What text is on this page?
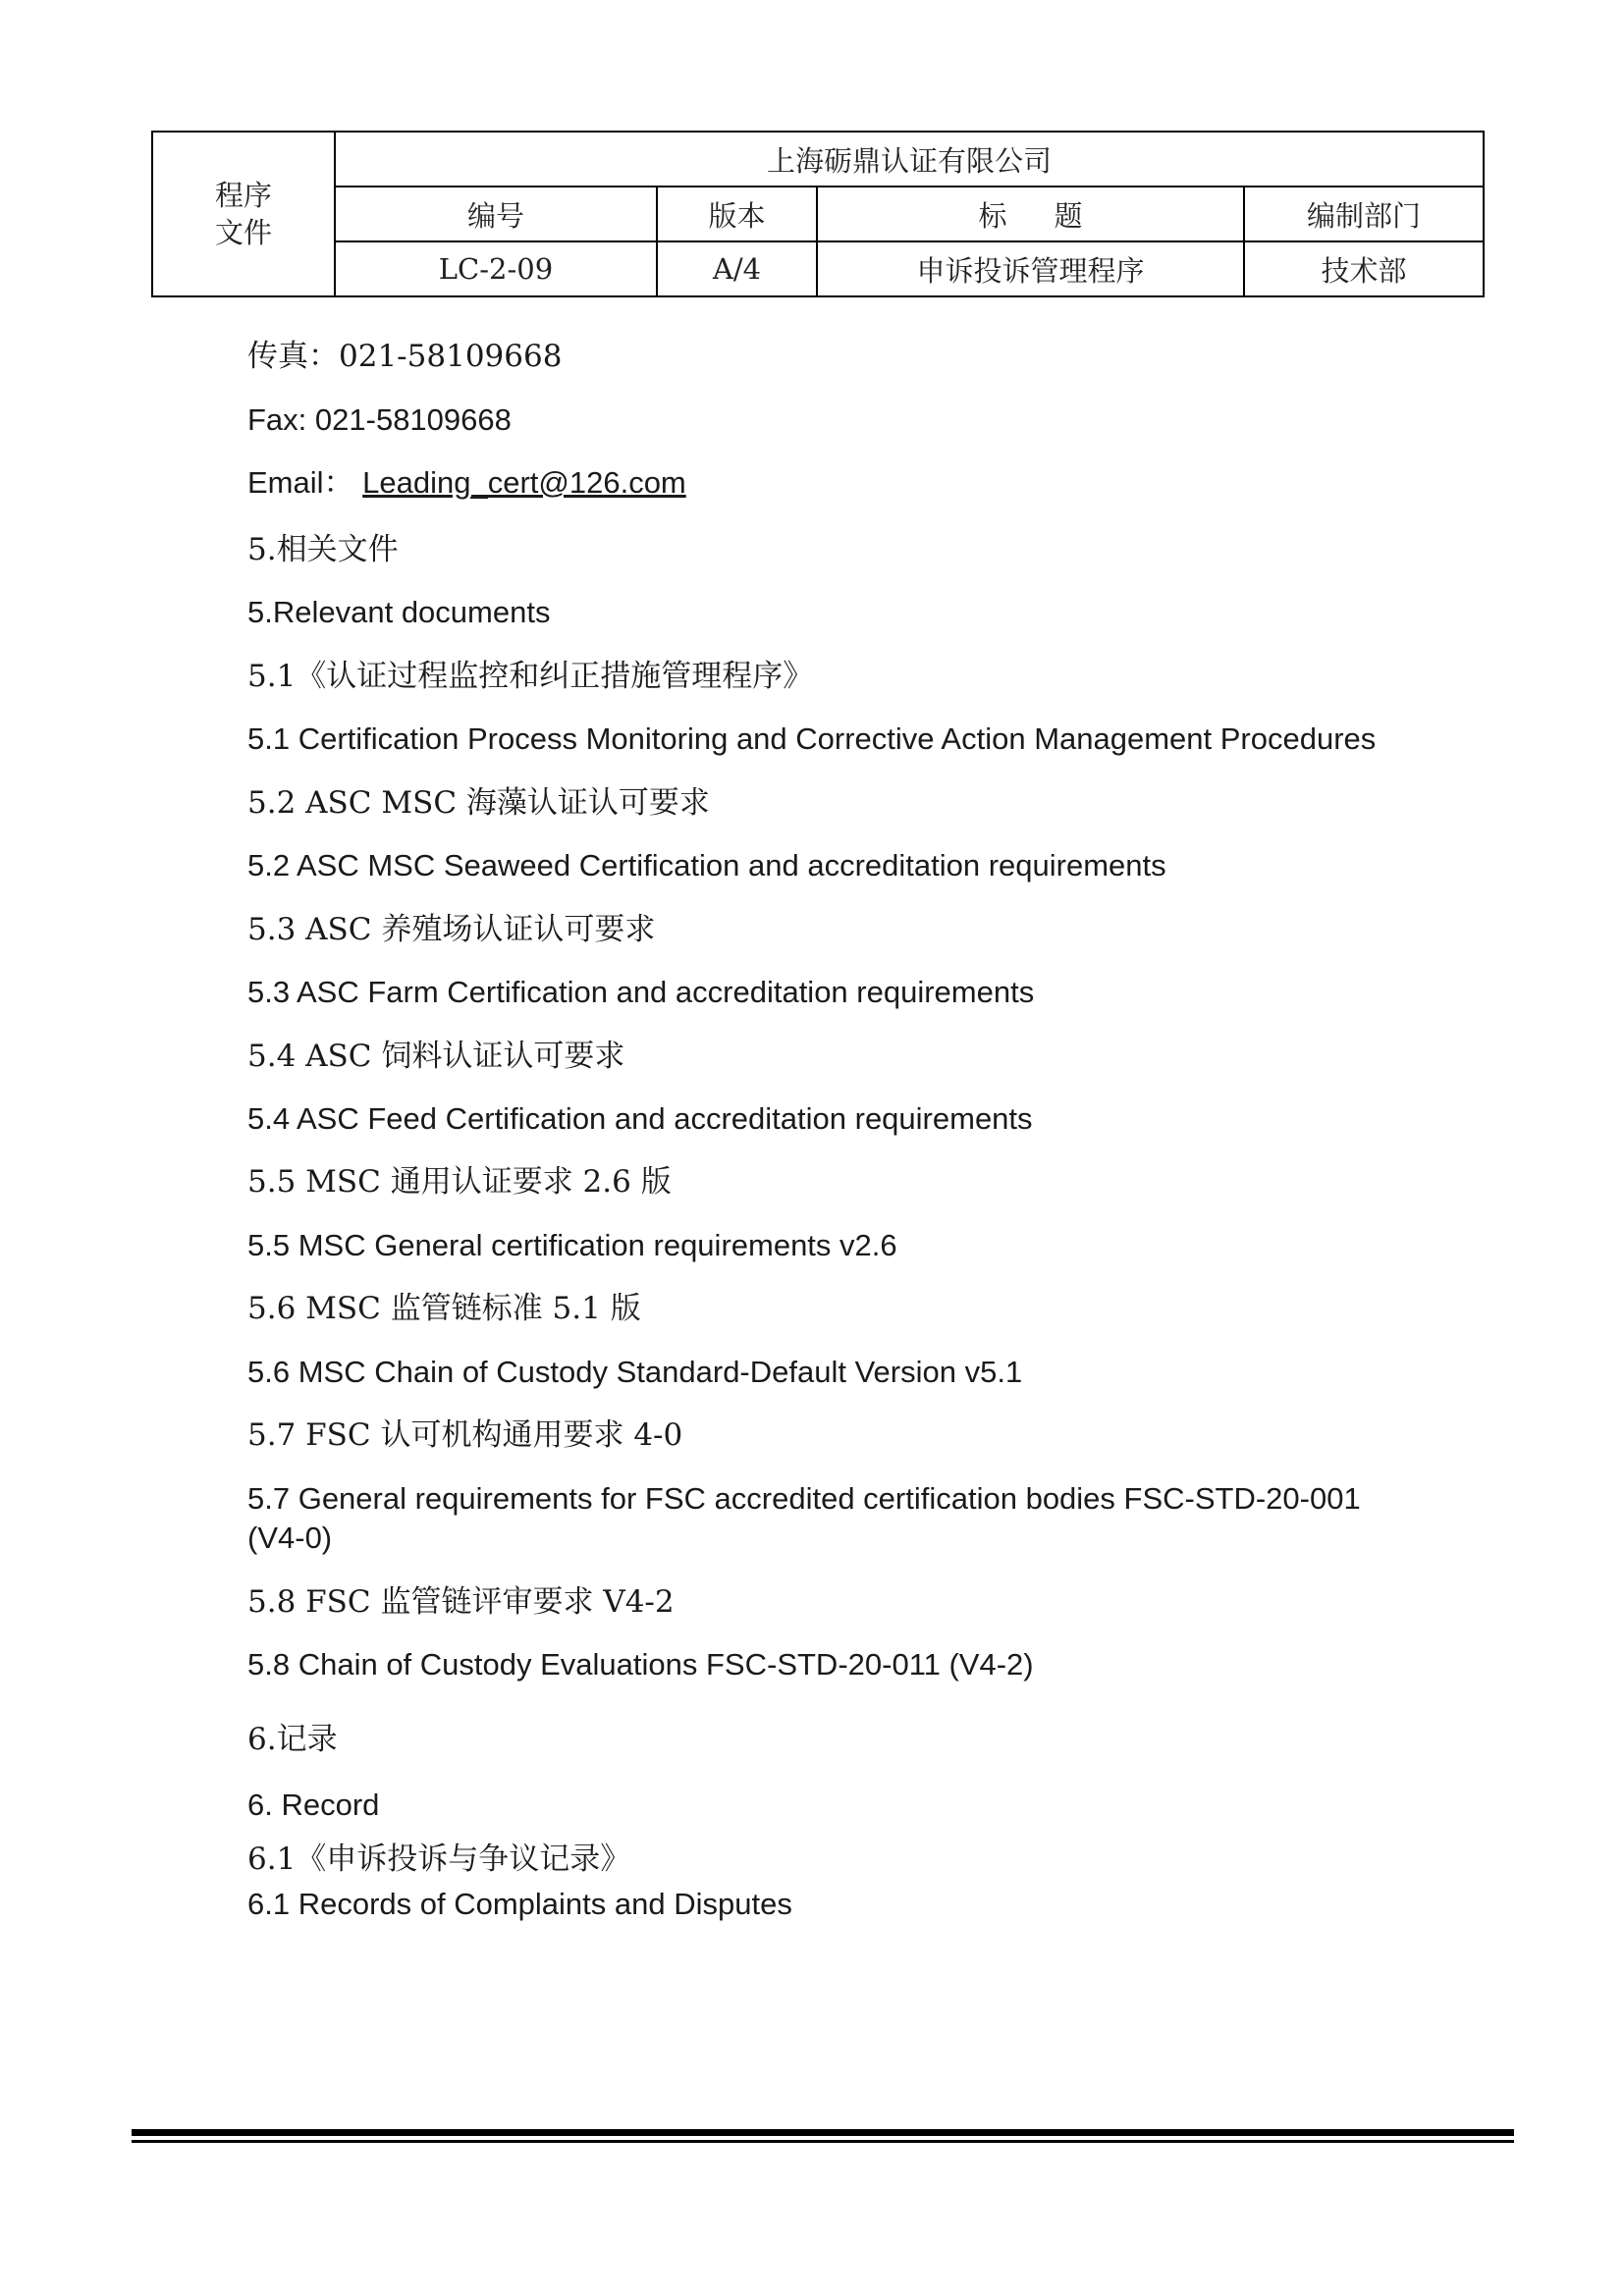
程序
文件	上海砺鼎认证有限公司			
	编号	版本	标题	编制部门
	LC-2-09	A/4	申诉投诉管理程序	技术部
传真：021-58109668
Fax: 021-58109668
Email： Leading_cert@126.com
5.相关文件
5.Relevant documents
5.1《认证过程监控和纠正措施管理程序》
5.1 Certification Process Monitoring and Corrective Action Management Procedures
5.2 ASC MSC 海藻认证认可要求
5.2 ASC MSC Seaweed Certification and accreditation requirements
5.3 ASC 养殖场认证认可要求
5.3 ASC Farm Certification and accreditation requirements
5.4 ASC 饲料认证认可要求
5.4 ASC Feed Certification and accreditation requirements
5.5 MSC 通用认证要求 2.6 版
5.5 MSC General certification requirements v2.6
5.6 MSC 监管链标准 5.1 版
5.6 MSC Chain of Custody Standard-Default Version v5.1
5.7 FSC 认可机构通用要求 4-0
5.7 General requirements for FSC accredited certification bodies FSC-STD-20-001 (V4-0)
5.8 FSC 监管链评审要求 V4-2
5.8 Chain of Custody Evaluations FSC-STD-20-011 (V4-2)
6.记录
6. Record
6.1《申诉投诉与争议记录》
6.1 Records of Complaints and Disputes
